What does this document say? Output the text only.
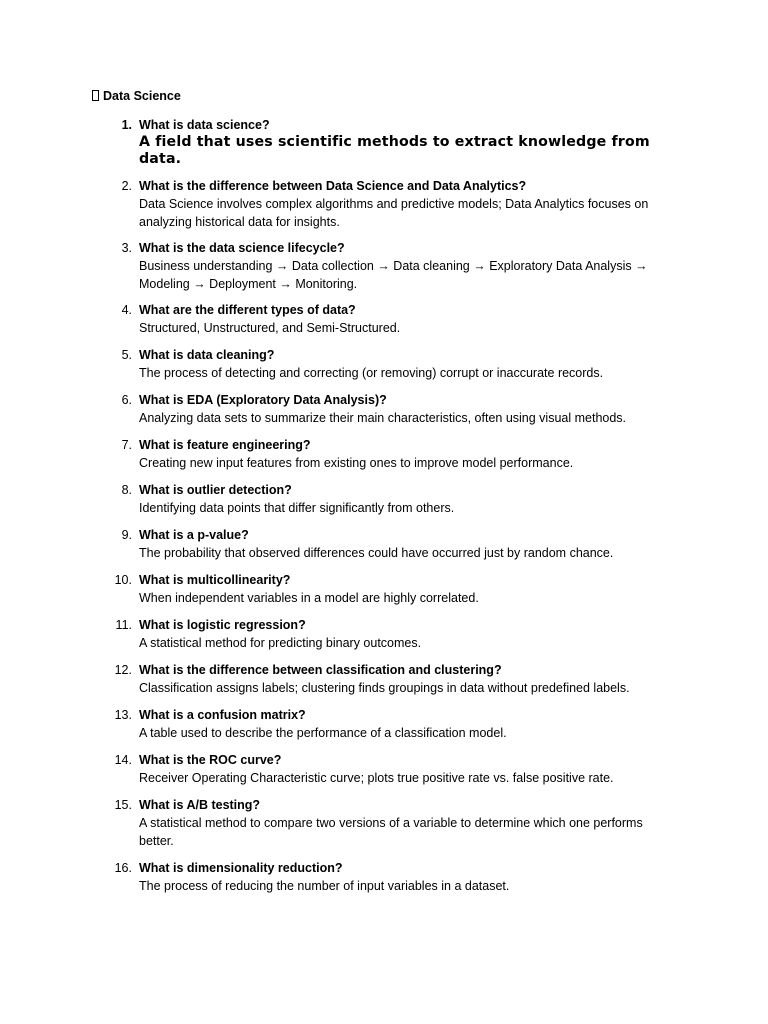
Data Science
1. What is data science?
A field that uses scientific methods to extract knowledge from data.
2. What is the difference between Data Science and Data Analytics?
Data Science involves complex algorithms and predictive models; Data Analytics focuses on analyzing historical data for insights.
3. What is the data science lifecycle?
Business understanding → Data collection → Data cleaning → Exploratory Data Analysis → Modeling → Deployment → Monitoring.
4. What are the different types of data?
Structured, Unstructured, and Semi-Structured.
5. What is data cleaning?
The process of detecting and correcting (or removing) corrupt or inaccurate records.
6. What is EDA (Exploratory Data Analysis)?
Analyzing data sets to summarize their main characteristics, often using visual methods.
7. What is feature engineering?
Creating new input features from existing ones to improve model performance.
8. What is outlier detection?
Identifying data points that differ significantly from others.
9. What is a p-value?
The probability that observed differences could have occurred just by random chance.
10. What is multicollinearity?
When independent variables in a model are highly correlated.
11. What is logistic regression?
A statistical method for predicting binary outcomes.
12. What is the difference between classification and clustering?
Classification assigns labels; clustering finds groupings in data without predefined labels.
13. What is a confusion matrix?
A table used to describe the performance of a classification model.
14. What is the ROC curve?
Receiver Operating Characteristic curve; plots true positive rate vs. false positive rate.
15. What is A/B testing?
A statistical method to compare two versions of a variable to determine which one performs better.
16. What is dimensionality reduction?
The process of reducing the number of input variables in a dataset.
